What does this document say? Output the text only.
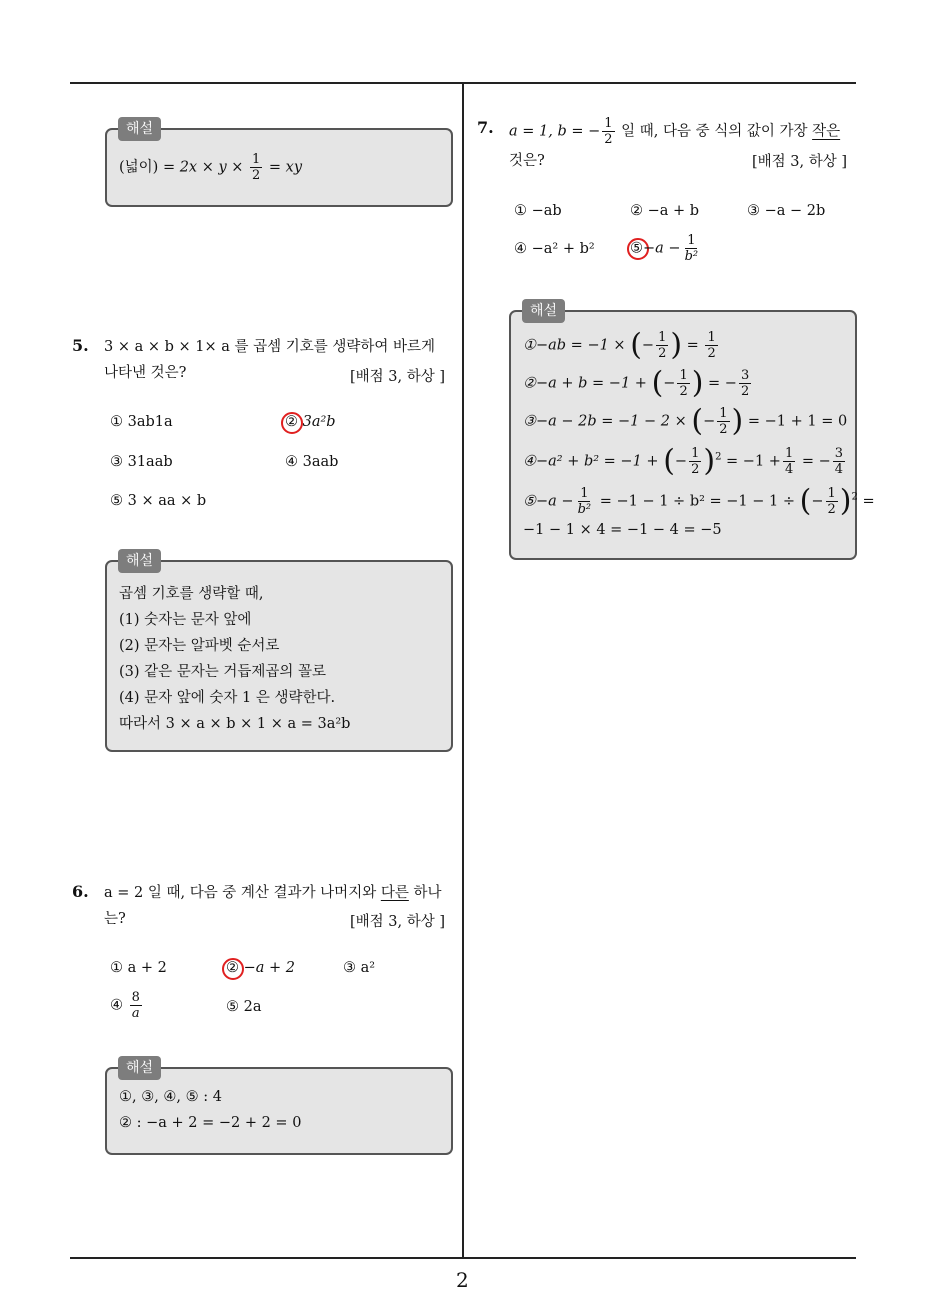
(넓이) = $2x \times y \times \frac{1}{2}$ = xy
해설
5. 3 × a × b × 1× a 를 곱셈 기호를 생략하여 바르게
나타낸 것은?	[배점 3, 하상 ]
① 3ab1a	② 3a²b
③ 31aab	④ 3aab
⑤ 3 × aa × b
곱셈 기호를 생략할 때,
(1) 숫자는 문자 앞에
(2) 문자는 알파벳 순서로
(3) 같은 문자는 거듭제곱의 꼴로
(4) 문자 앞에 숫자 1 은 생략한다.
따라서 3 × a × b × 1 × a = 3a²b
해설
6. a = 2 일 때, 다음 중 계산 결과가 나머지와 다른 하나
는?	[배점 3, 하상 ]
① a + 2	② −a + 2	③ a²
④ $\frac{8}{a}$	⑤ 2a
①, ③, ④, ⑤ : 4
② : −a + 2 = −2 + 2 = 0
해설
7. a = 1, b = − $\frac{1}{2}$ 일 때, 다음 중 식의 값이 가장 작은
것은?	[배점 3, 하상 ]
① −ab	② −a + b	③ −a − 2b
④ −a² + b² ⑤−a − $\frac{1}{\text{b²}}$
①−ab = −1 × (− $\frac{1}{2}$ ) = $\frac{1}{2}$
②−a + b = −1 + (− $\frac{1}{2}$ ) = − $\frac{3}{2}$
③−a − 2b = −1 − 2 × (− $\frac{1}{2}$ ) = −1 + 1 = 0
④−a² + b² = −1 + (− $\frac{1}{2} )^2 = -1 + \frac{1}{4}$ = − $\frac{3}{4}$
⑤−a − $\frac{1}{\text{b²}} = -1 - 1 \div b^2 = -1 - 1$ ÷ (− $\frac{1}{2} )^2$ =
−1 − 1 × 4 = −1 − 4 = −5
해설
2
